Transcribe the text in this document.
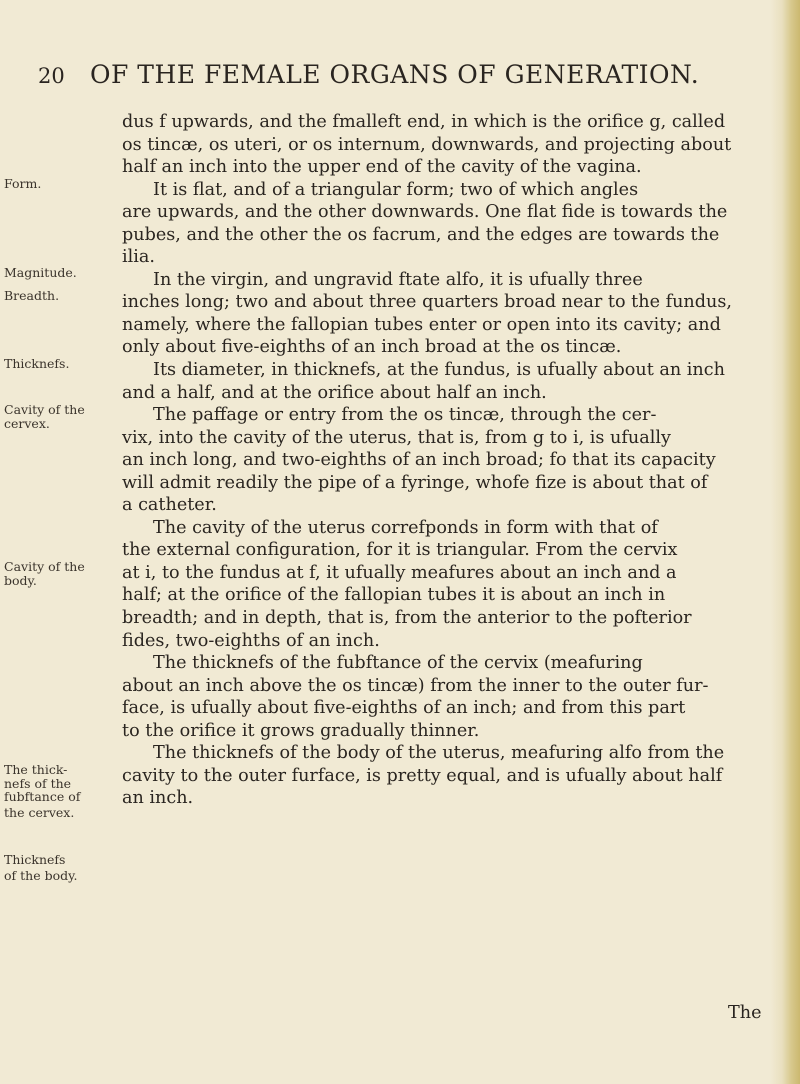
20 OF THE FEMALE ORGANS OF GENERATION.
Form.
Magnitude.
Breadth.
Thicknefs.
Cavity of the
cervex.
Cavity of the
body.
The thick-
nefs of the
fubftance of
the cervex.
Thicknefs
of the body.
dus f upwards, and the fmalleft end, in which is the orifice g, called
os tincæ, os uteri, or os internum, downwards, and projecting about
half an inch into the upper end of the cavity of the vagina.
It is flat, and of a triangular form; two of which angles
are upwards, and the other downwards. One flat fide is towards the
pubes, and the other the os facrum, and the edges are towards the
ilia.
In the virgin, and ungravid ftate alfo, it is ufually three
inches long; two and about three quarters broad near to the fundus,
namely, where the fallopian tubes enter or open into its cavity; and
only about five-eighths of an inch broad at the os tincæ.
Its diameter, in thicknefs, at the fundus, is ufually about an inch
and a half, and at the orifice about half an inch.
The paffage or entry from the os tincæ, through the cer-
vix, into the cavity of the uterus, that is, from g to i, is ufually
an inch long, and two-eighths of an inch broad; fo that its capacity
will admit readily the pipe of a fyringe, whofe fize is about that of
a catheter.
The cavity of the uterus correfponds in form with that of
the external configuration, for it is triangular. From the cervix
at i, to the fundus at f, it ufually meafures about an inch and a
half; at the orifice of the fallopian tubes it is about an inch in
breadth; and in depth, that is, from the anterior to the pofterior
fides, two-eighths of an inch.
The thicknefs of the fubftance of the cervix (meafuring
about an inch above the os tincæ) from the inner to the outer fur-
face, is ufually about five-eighths of an inch; and from this part
to the orifice it grows gradually thinner.
The thicknefs of the body of the uterus, meafuring alfo from the
cavity to the outer furface, is pretty equal, and is ufually about half
an inch.
The
